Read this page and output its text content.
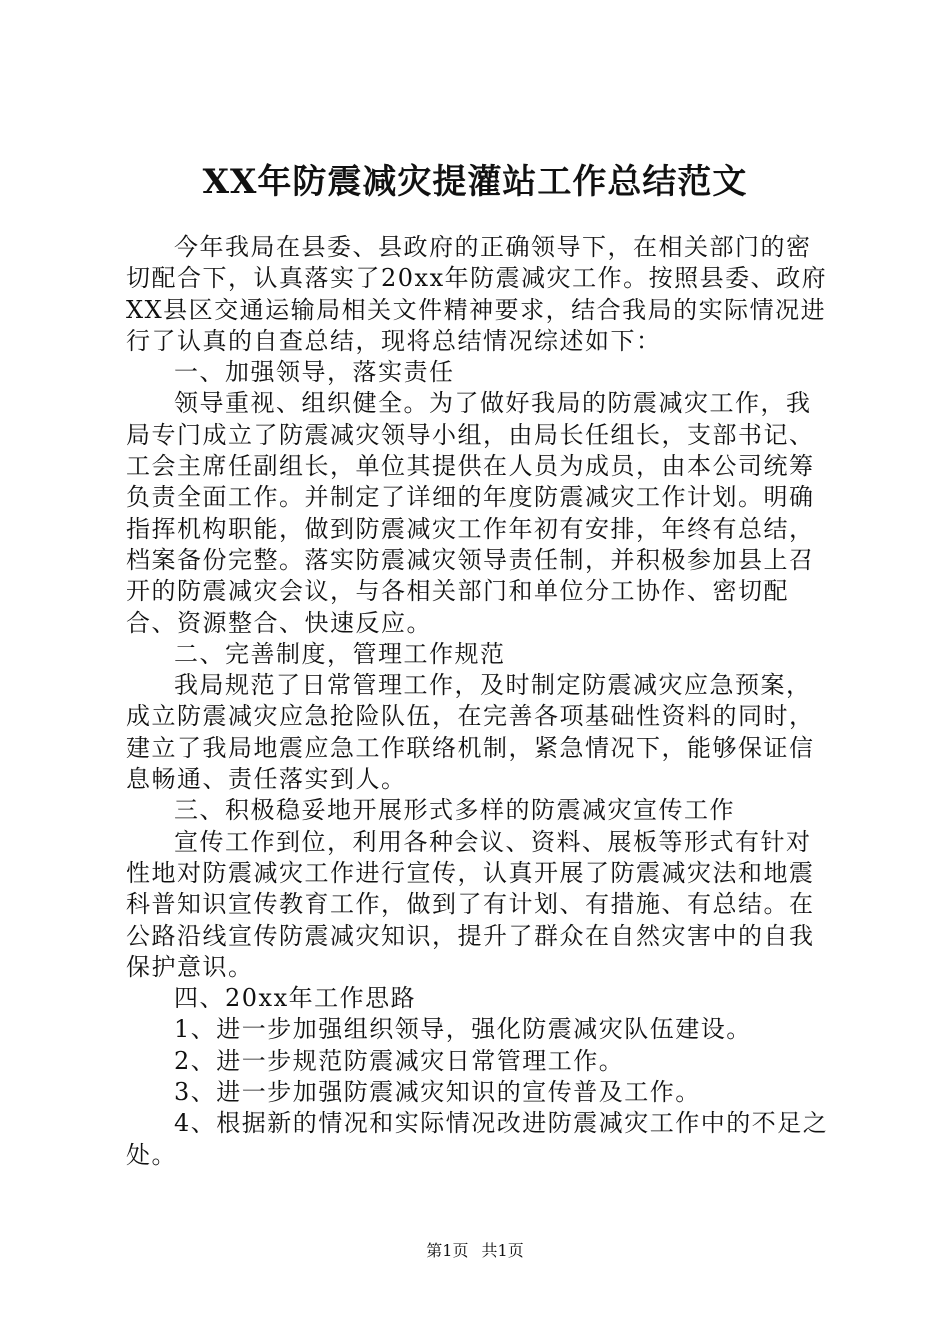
XX年防震减灾提灌站工作总结范文

今年我局在县委、县政府的正确领导下，在相关部门的密切配合下，认真落实了20xx年防震减灾工作。按照县委、政府XX县区交通运输局相关文件精神要求，结合我局的实际情况进行了认真的自查总结，现将总结情况综述如下：

一、加强领导，落实责任

领导重视、组织健全。为了做好我局的防震减灾工作，我局专门成立了防震减灾领导小组，由局长任组长，支部书记、工会主席任副组长，单位其提供在人员为成员，由本公司统筹负责全面工作。并制定了详细的年度防震减灾工作计划。明确指挥机构职能，做到防震减灾工作年初有安排，年终有总结，档案备份完整。落实防震减灾领导责任制，并积极参加县上召开的防震减灾会议，与各相关部门和单位分工协作、密切配合、资源整合、快速反应。

二、完善制度，管理工作规范

我局规范了日常管理工作，及时制定防震减灾应急预案，成立防震减灾应急抢险队伍，在完善各项基础性资料的同时，建立了我局地震应急工作联络机制，紧急情况下，能够保证信息畅通、责任落实到人。

三、积极稳妥地开展形式多样的防震减灾宣传工作

宣传工作到位，利用各种会议、资料、展板等形式有针对性地对防震减灾工作进行宣传，认真开展了防震减灾法和地震科普知识宣传教育工作，做到了有计划、有措施、有总结。在公路沿线宣传防震减灾知识，提升了群众在自然灾害中的自我保护意识。

四、20xx年工作思路

1、进一步加强组织领导，强化防震减灾队伍建设。

2、进一步规范防震减灾日常管理工作。

3、进一步加强防震减灾知识的宣传普及工作。

4、根据新的情况和实际情况改进防震减灾工作中的不足之处。

第1页 共1页
